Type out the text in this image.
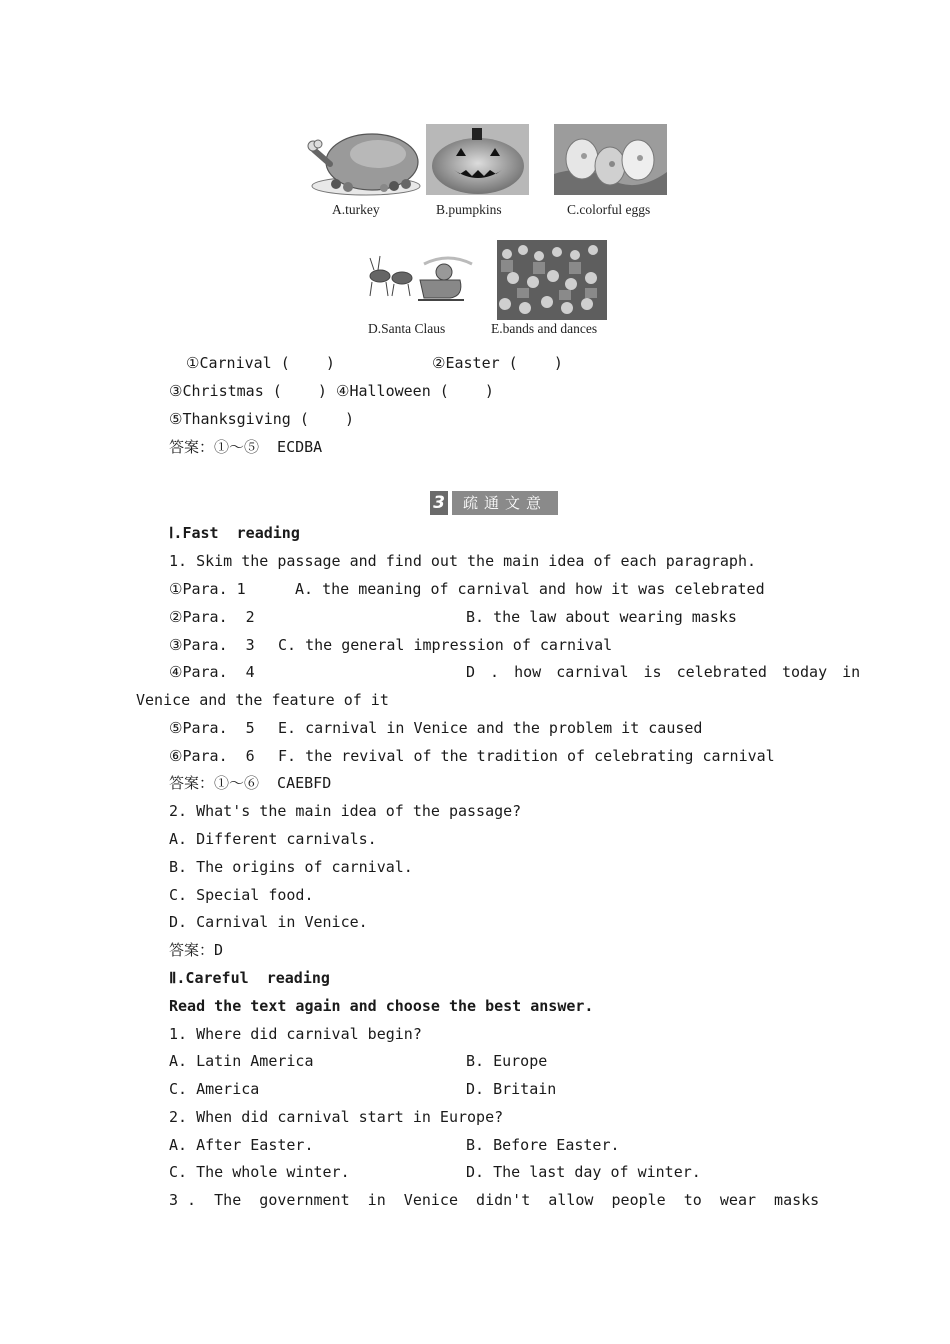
A.turkey	B.pumpkins	C.colorful eggs
D.Santa Claus	E.bands and dances
①Carnival (    )	②Easter (    )
③Christmas (    ) ④Halloween (    )
⑤Thanksgiving (    )
答案：①～⑤  ECDBA
3	疏通文意
Ⅰ.Fast  reading
1. Skim the passage and find out the main idea of each paragraph.
①Para. 1	A. the meaning of carnival and how it was celebrated
②Para.  2	B. the law about wearing masks
③Para.  3 C. the general impression of carnival
④Para.  4	D . how carnival is celebrated today in
Venice and the feature of it
⑤Para.  5 E. carnival in Venice and the problem it caused
⑥Para.  6 F. the revival of the tradition of celebrating carnival
答案：①～⑥  CAEBFD
2. What's the main idea of the passage?
A. Different carnivals.
B. The origins of carnival.
C. Special food.
D. Carnival in Venice.
答案：D
Ⅱ.Careful  reading
Read the text again and choose the best answer.
1. Where did carnival begin?
A. Latin America	B. Europe
C. America	D. Britain
2. When did carnival start in Europe?
A. After Easter.	B. Before Easter.
C. The whole winter.	D. The last day of winter.
3 .  The  government  in  Venice  didn't  allow  people  to  wear  masks
